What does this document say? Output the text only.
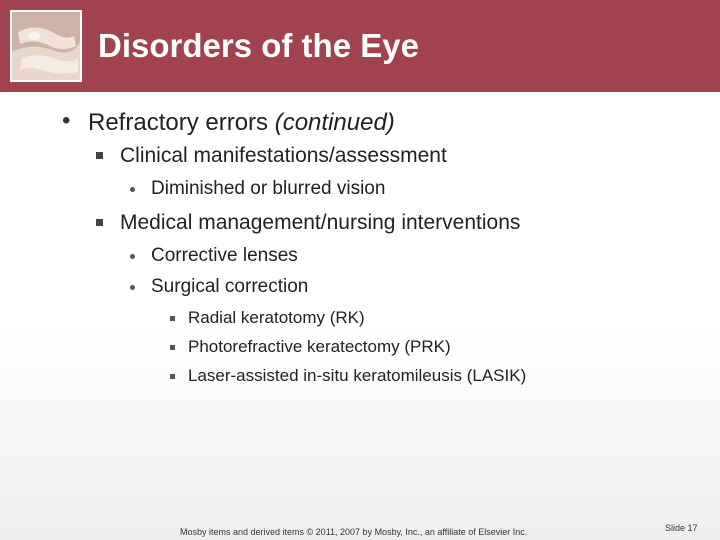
Disorders of the Eye
• Refractory errors (continued)
Clinical manifestations/assessment
Diminished or blurred vision
Medical management/nursing interventions
Corrective lenses
Surgical correction
Radial keratotomy (RK)
Photorefractive keratectomy (PRK)
Laser-assisted in-situ keratomileusis (LASIK)
Mosby items and derived items © 2011, 2007 by Mosby, Inc., an affiliate of Elsevier Inc.	Slide 17
